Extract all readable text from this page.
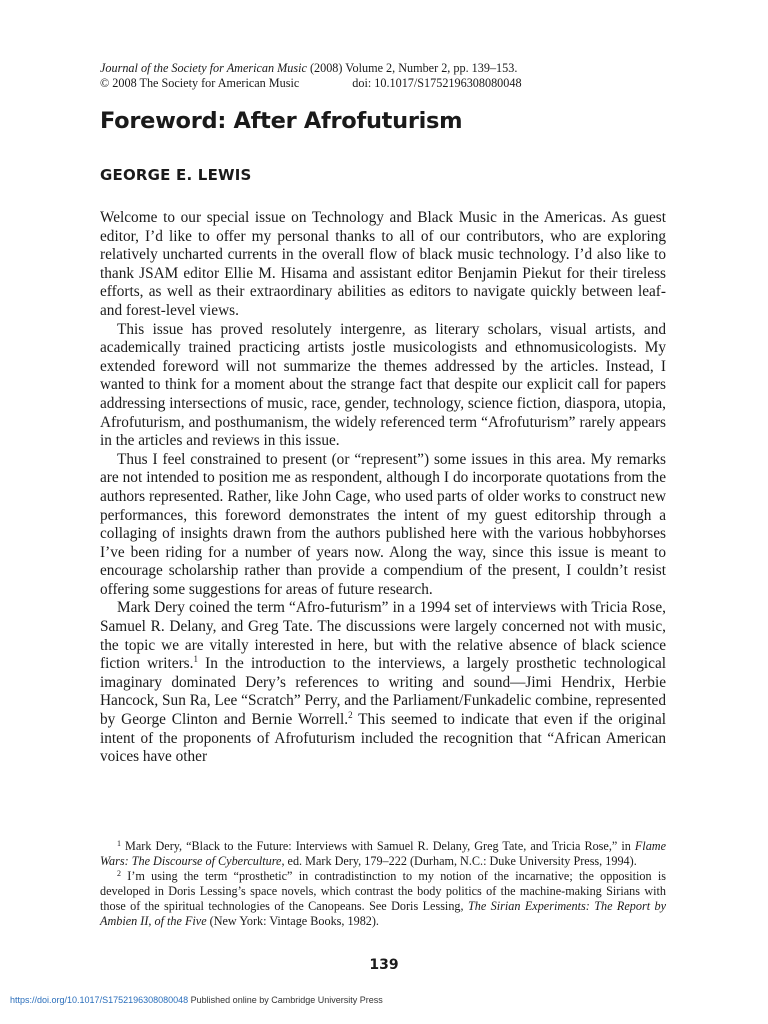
Journal of the Society for American Music (2008) Volume 2, Number 2, pp. 139–153.
© 2008 The Society for American Music	doi: 10.1017/S1752196308080048
Foreword: After Afrofuturism
GEORGE E. LEWIS

Welcome to our special issue on Technology and Black Music in the Americas. As guest editor, I’d like to offer my personal thanks to all of our contributors, who are exploring relatively uncharted currents in the overall flow of black music technology. I’d also like to thank JSAM editor Ellie M. Hisama and assistant editor Benjamin Piekut for their tireless efforts, as well as their extraordinary abilities as editors to navigate quickly between leaf- and forest-level views.

This issue has proved resolutely intergenre, as literary scholars, visual artists, and academically trained practicing artists jostle musicologists and ethnomusicologists. My extended foreword will not summarize the themes addressed by the articles. Instead, I wanted to think for a moment about the strange fact that despite our explicit call for papers addressing intersections of music, race, gender, technology, science fiction, diaspora, utopia, Afrofuturism, and posthumanism, the widely referenced term “Afrofuturism” rarely appears in the articles and reviews in this issue.

Thus I feel constrained to present (or “represent”) some issues in this area. My remarks are not intended to position me as respondent, although I do incorporate quotations from the authors represented. Rather, like John Cage, who used parts of older works to construct new performances, this foreword demonstrates the intent of my guest editorship through a collaging of insights drawn from the authors published here with the various hobbyhorses I’ve been riding for a number of years now. Along the way, since this issue is meant to encourage scholarship rather than provide a compendium of the present, I couldn’t resist offering some suggestions for areas of future research.

Mark Dery coined the term “Afro-futurism” in a 1994 set of interviews with Tricia Rose, Samuel R. Delany, and Greg Tate. The discussions were largely concerned not with music, the topic we are vitally interested in here, but with the relative absence of black science fiction writers.$^1$ In the introduction to the interviews, a largely prosthetic technological imaginary dominated Dery’s references to writing and sound—Jimi Hendrix, Herbie Hancock, Sun Ra, Lee “Scratch” Perry, and the Parliament/Funkadelic combine, represented by George Clinton and Bernie Worrell.$^2$ This seemed to indicate that even if the original intent of the proponents of Afrofuturism included the recognition that “African American voices have other

$^1$ Mark Dery, “Black to the Future: Interviews with Samuel R. Delany, Greg Tate, and Tricia Rose,” in Flame Wars: The Discourse of Cyberculture, ed. Mark Dery, 179–222 (Durham, N.C.: Duke University Press, 1994).

$^2$ I’m using the term “prosthetic” in contradistinction to my notion of the incarnative; the opposition is developed in Doris Lessing’s space novels, which contrast the body politics of the machine-making Sirians with those of the spiritual technologies of the Canopeans. See Doris Lessing, The Sirian Experiments: The Report by Ambien II, of the Five (New York: Vintage Books, 1982).

139
https://doi.org/10.1017/S1752196308080048 Published online by Cambridge University Press
